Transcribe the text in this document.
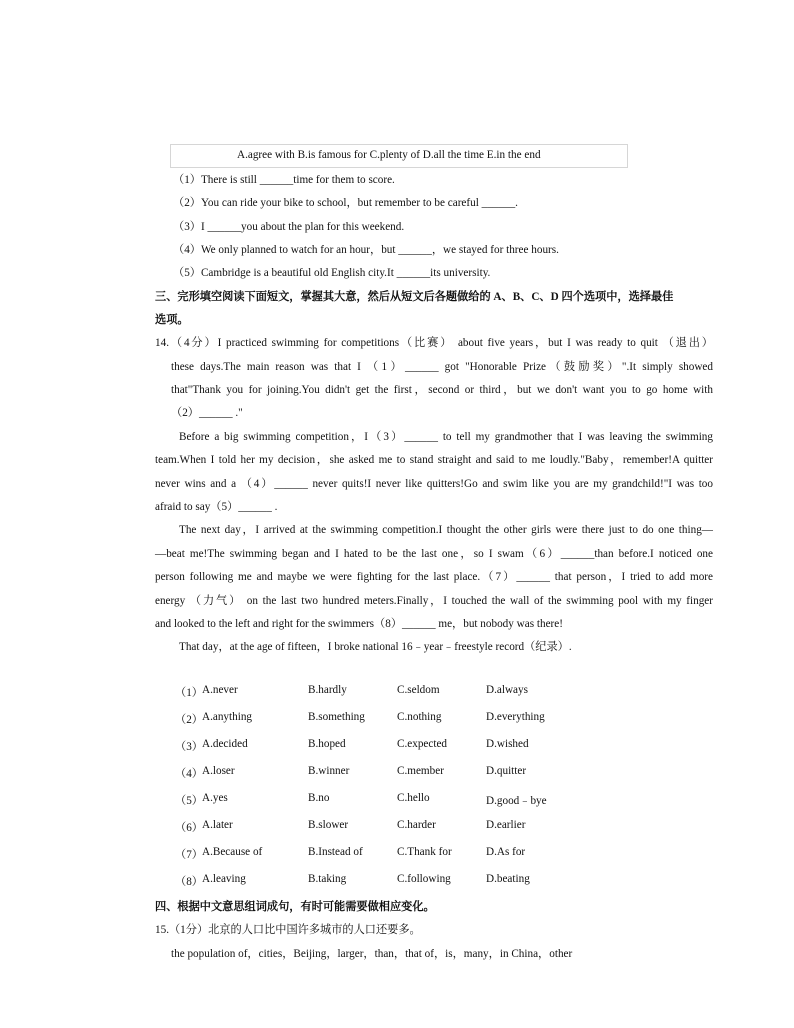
A.agree with B.is famous for C.plenty of D.all the time E.in the end
（1）There is still ______time for them to score.
（2）You can ride your bike to school，but remember to be careful ______.
（3）I ______you about the plan for this weekend.
（4）We only planned to watch for an hour，but ______，we stayed for three hours.
（5）Cambridge is a beautiful old English city.It ______its university.
三、完形填空阅读下面短文，掌握其大意，然后从短文后各题做给的 A、B、C、D 四个选项中，选择最佳
选项。
14.（4分）I practiced swimming for competitions（比赛） about five years，but I was ready to quit （退出）
these days.The main reason was that I （1）______ got "Honorable Prize（鼓励奖）".It simply showed
that"Thank you for joining.You didn't get the first，second or third，but we don't want you to go home with
（2）______ ."
Before a big swimming competition，I（3）______ to tell my grandmother that I was leaving the swimming
team.When I told her my decision，she asked me to stand straight and said to me loudly."Baby，remember!A quitter
never wins and a （4）______ never quits!I never like quitters!Go and swim like you are my grandchild!"I was too
afraid to say（5）______ .
The next day，I arrived at the swimming competition.I thought the other girls were there just to do one thing—
—beat me!The swimming began and I hated to be the last one，so I swam（6）______than before.I noticed one
person following me and maybe we were fighting for the last place.（7）______ that person，I tried to add more
energy （力气） on the last two hundred meters.Finally，I touched the wall of the swimming pool with my finger
and looked to the left and right for the swimmers（8）______ me，but nobody was there!
That day，at the age of fifteen，I broke national 16﹣year﹣freestyle record（纪录）.
（1） A.never	B.hardly	C.seldom	D.always
（2） A.anything	B.something	C.nothing	D.everything
（3） A.decided	B.hoped	C.expected	D.wished
（4） A.loser	B.winner	C.member	D.quitter
（5） A.yes	B.no	C.hello	D.good﹣bye
（6） A.later	B.slower	C.harder	D.earlier
（7） A.Because of	B.Instead of	C.Thank for	D.As for
（8） A.leaving	B.taking	C.following	D.beating
四、根据中文意思组词成句，有时可能需要做相应变化。
15.（1分）北京的人口比中国许多城市的人口还要多。
the population of，cities，Beijing，larger，than，that of，is，many，in China，other
